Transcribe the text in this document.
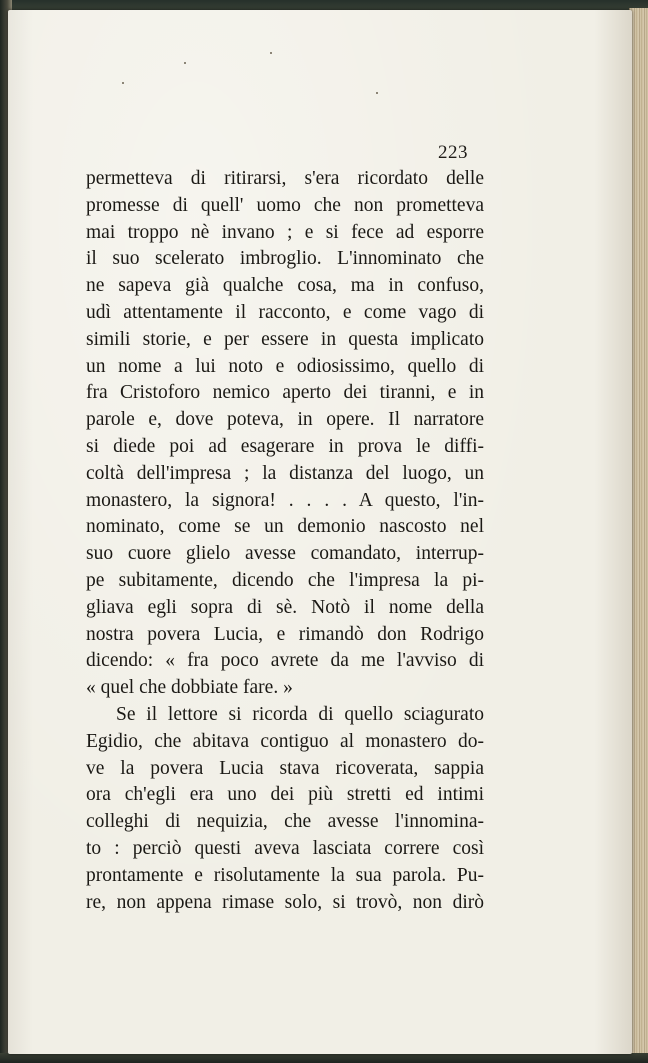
223
permetteva di ritirarsi, s'era ricordato delle
promesse di quell' uomo che non prometteva
mai troppo nè invano ; e si fece ad esporre
il suo scelerato imbroglio. L'innominato che
ne sapeva già qualche cosa, ma in confuso,
udì attentamente il racconto, e come vago di
simili storie, e per essere in questa implicato
un nome a lui noto e odiosissimo, quello di
fra Cristoforo nemico aperto dei tiranni, e in
parole e, dove poteva, in opere. Il narratore
si diede poi ad esagerare in prova le diffi-
coltà dell'impresa ; la distanza del luogo, un
monastero, la signora! . . . . A questo, l'in-
nominato, come se un demonio nascosto nel
suo cuore glielo avesse comandato, interrup-
pe subitamente, dicendo che l'impresa la pi-
gliava egli sopra di sè. Notò il nome della
nostra povera Lucia, e rimandò don Rodrigo
dicendo: « fra poco avrete da me l'avviso di
« quel che dobbiate fare. »
Se il lettore si ricorda di quello sciagurato
Egidio, che abitava contiguo al monastero do-
ve la povera Lucia stava ricoverata, sappia
ora ch'egli era uno dei più stretti ed intimi
colleghi di nequizia, che avesse l'innomina-
to : perciò questi aveva lasciata correre così
prontamente e risolutamente la sua parola. Pu-
re, non appena rimase solo, si trovò, non dirò
